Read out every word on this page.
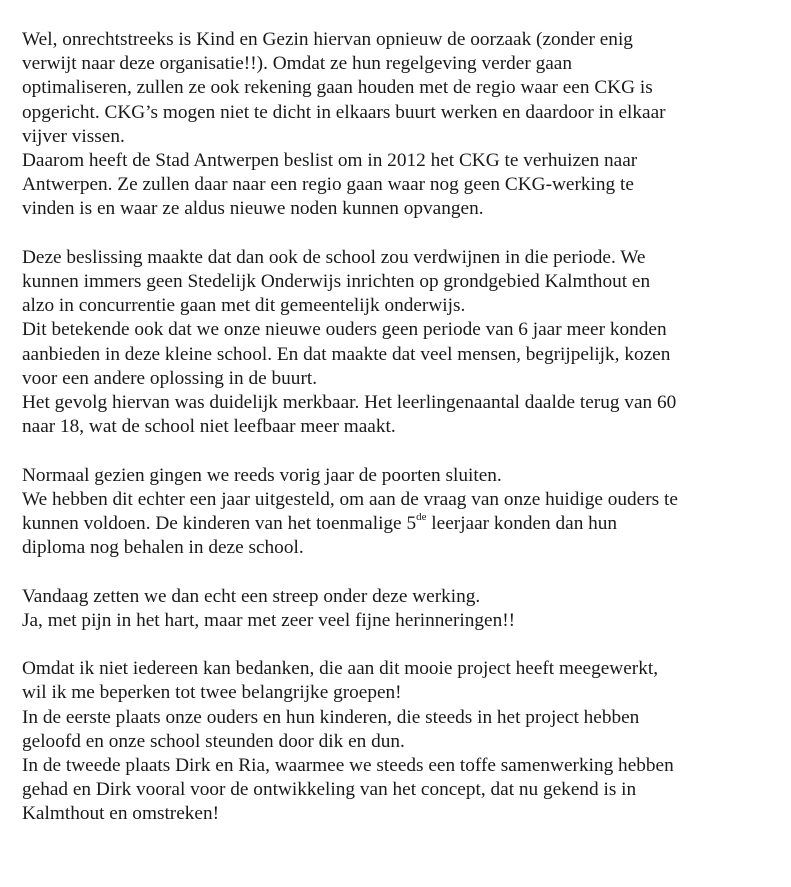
Wel, onrechtstreeks is Kind en Gezin hiervan opnieuw de oorzaak (zonder enig
verwijt naar deze organisatie!!). Omdat ze hun regelgeving verder gaan
optimaliseren, zullen ze ook rekening gaan houden met de regio waar een CKG is
opgericht. CKG’s mogen niet te dicht in elkaars buurt werken en daardoor in elkaar
vijver vissen.
Daarom heeft de Stad Antwerpen beslist om in 2012 het CKG te verhuizen naar
Antwerpen. Ze zullen daar naar een regio gaan waar nog geen CKG-werking te
vinden is en waar ze aldus nieuwe noden kunnen opvangen.
Deze beslissing maakte dat dan ook de school zou verdwijnen in die periode. We
kunnen immers geen Stedelijk Onderwijs inrichten op grondgebied Kalmthout en
alzo in concurrentie gaan met dit gemeentelijk onderwijs.
Dit betekende ook dat we onze nieuwe ouders geen periode van 6 jaar meer konden
aanbieden in deze kleine school. En dat maakte dat veel mensen, begrijpelijk, kozen
voor een andere oplossing in de buurt.
Het gevolg hiervan was duidelijk merkbaar. Het leerlingenaantal daalde terug van 60
naar 18, wat de school niet leefbaar meer maakt.
Normaal gezien gingen we reeds vorig jaar de poorten sluiten.
We hebben dit echter een jaar uitgesteld, om aan de vraag van onze huidige ouders te
kunnen voldoen. De kinderen van het toenmalige 5de leerjaar konden dan hun
diploma nog behalen in deze school.
Vandaag zetten we dan echt een streep onder deze werking.
Ja, met pijn in het hart, maar met zeer veel fijne herinneringen!!
Omdat ik niet iedereen kan bedanken, die aan dit mooie project heeft meegewerkt,
wil ik me beperken tot twee belangrijke groepen!
In de eerste plaats onze ouders en hun kinderen, die steeds in het project hebben
geloofd en onze school steunden door dik en dun.
In de tweede plaats Dirk en Ria, waarmee we steeds een toffe samenwerking hebben
gehad en Dirk vooral voor de ontwikkeling van het concept, dat nu gekend is in
Kalmthout en omstreken!
